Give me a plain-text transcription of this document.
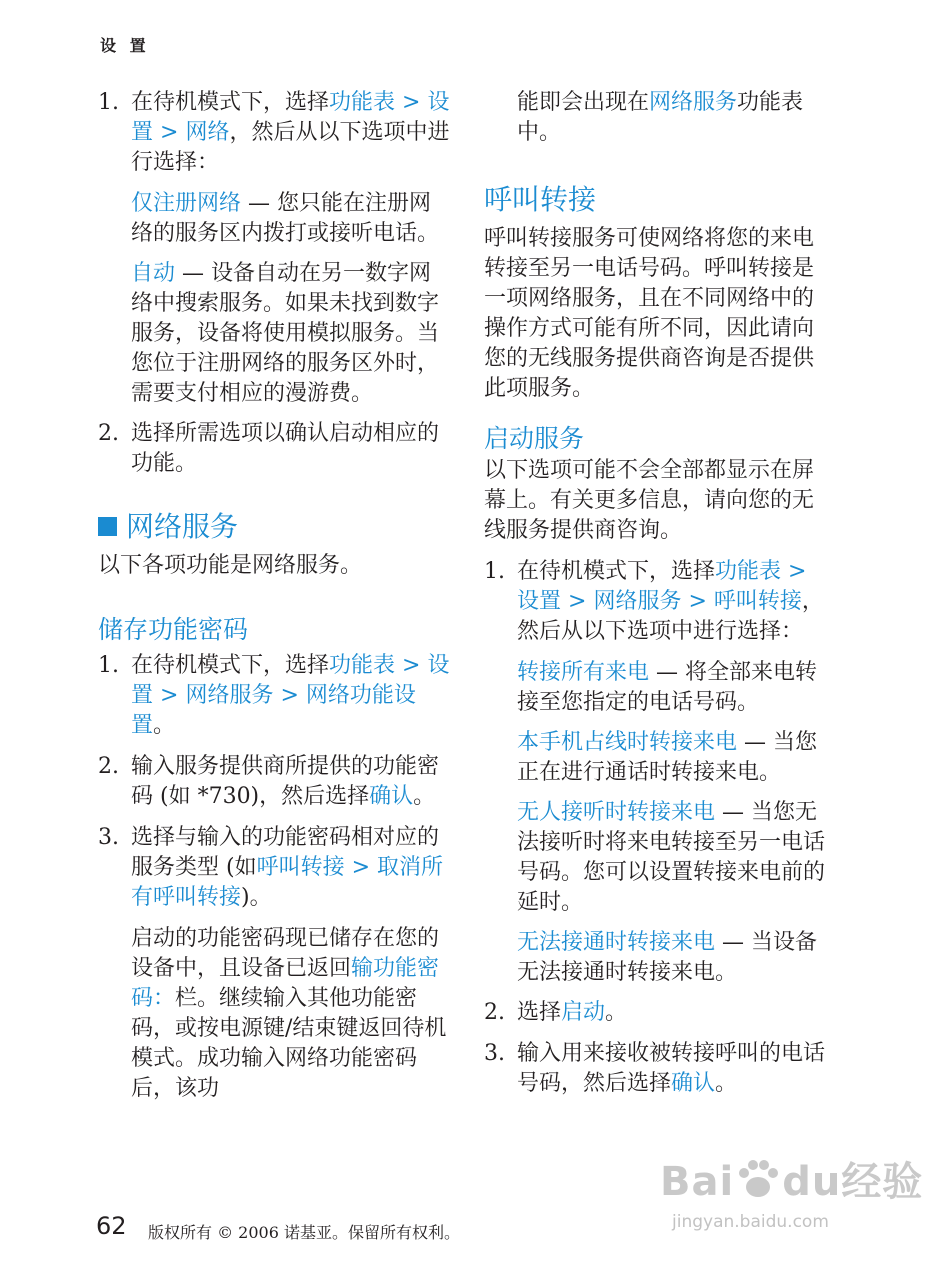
设 置
1. 在待机模式下，选择功能表 > 设置 > 网络，然后从以下选项中进行选择：
仅注册网络 — 您只能在注册网络的服务区内拨打或接听电话。
自动 — 设备自动在另一数字网络中搜索服务。如果未找到数字服务，设备将使用模拟服务。当您位于注册网络的服务区外时，需要支付相应的漫游费。
2. 选择所需选项以确认启动相应的功能。
网络服务

以下各项功能是网络服务。

储存功能密码
1. 在待机模式下，选择功能表 > 设置 > 网络服务 > 网络功能设置。
2. 输入服务提供商所提供的功能密码 (如 *730)，然后选择确认。
3. 选择与输入的功能密码相对应的服务类型 (如呼叫转接 > 取消所有呼叫转接)。
启动的功能密码现已储存在您的设备中，且设备已返回输功能密码：栏。继续输入其他功能密码，或按电源键/结束键返回待机模式。成功输入网络功能密码后，该功
能即会出现在网络服务功能表中。
呼叫转接

呼叫转接服务可使网络将您的来电转接至另一电话号码。呼叫转接是一项网络服务，且在不同网络中的操作方式可能有所不同，因此请向您的无线服务提供商咨询是否提供此项服务。

启动服务

以下选项可能不会全部都显示在屏幕上。有关更多信息，请向您的无线服务提供商咨询。

1. 在待机模式下，选择功能表 > 设置 > 网络服务 > 呼叫转接，然后从以下选项中进行选择：
转接所有来电 — 将全部来电转接至您指定的电话号码。
本手机占线时转接来电 — 当您正在进行通话时转接来电。
无人接听时转接来电 — 当您无法接听时将来电转接至另一电话号码。您可以设置转接来电前的延时。
无法接通时转接来电 — 当设备无法接通时转接来电。
2. 选择启动。
3. 输入用来接收被转接呼叫的电话号码，然后选择确认。
62 版权所有 © 2006 诺基亚。保留所有权利。
Bai du经验
jingyan.baidu.com
